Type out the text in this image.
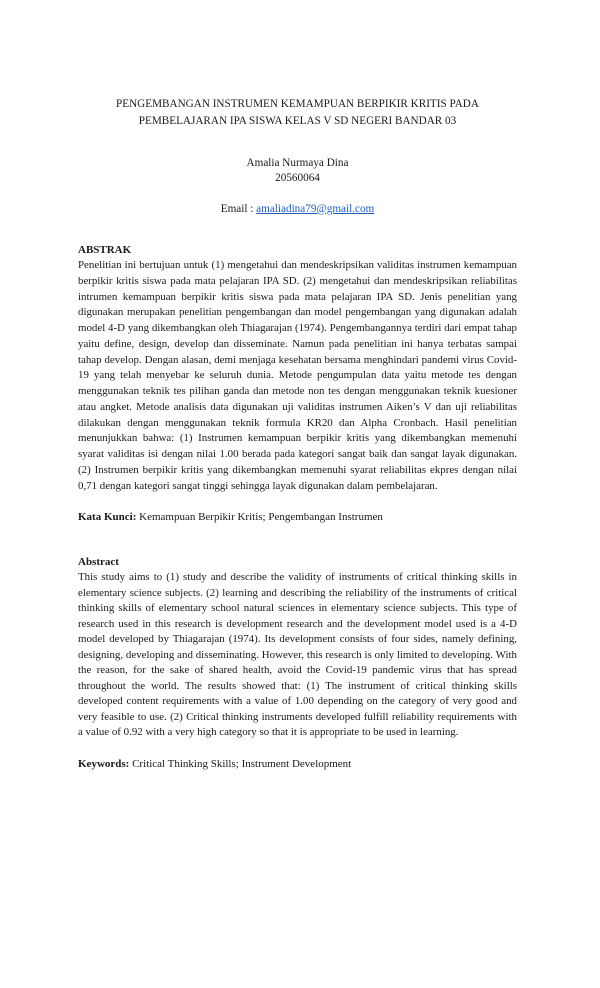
PENGEMBANGAN INSTRUMEN KEMAMPUAN BERPIKIR KRITIS PADA
PEMBELAJARAN IPA SISWA KELAS V SD NEGERI BANDAR 03
Amalia Nurmaya Dina
20560064
Email : amaliadina79@gmail.com
ABSTRAK

Penelitian ini bertujuan untuk (1) mengetahui dan mendeskripsikan validitas instrumen kemampuan berpikir kritis siswa pada mata pelajaran IPA SD. (2) mengetahui dan mendeskripsikan reliabilitas intrumen kemampuan berpikir kritis siswa pada mata pelajaran IPA SD. Jenis penelitian yang digunakan merupakan penelitian pengembangan dan model pengembangan yang digunakan adalah model 4-D yang dikembangkan oleh Thiagarajan (1974). Pengembangannya terdiri dari empat tahap yaitu define, design, develop dan disseminate. Namun pada penelitian ini hanya terbatas sampai tahap develop. Dengan alasan, demi menjaga kesehatan bersama menghindari pandemi virus Covid-19 yang telah menyebar ke seluruh dunia. Metode pengumpulan data yaitu metode tes dengan menggunakan teknik tes pilihan ganda dan metode non tes dengan menggunakan teknik kuesioner atau angket. Metode analisis data digunakan uji validitas instrumen Aiken’s V dan uji reliabilitas dilakukan dengan menggunakan teknik formula KR20 dan Alpha Cronbach. Hasil penelitian menunjukkan bahwa: (1) Instrumen kemampuan berpikir kritis yang dikembangkan memenuhi syarat validitas isi dengan nilai 1.00 berada pada kategori sangat baik dan sangat layak digunakan. (2) Instrumen berpikir kritis yang dikembangkan memenuhi syarat reliabilitas ekpres dengan nilai 0,71 dengan kategori sangat tinggi sehingga layak digunakan dalam pembelajaran.

Kata Kunci: Kemampuan Berpikir Kritis; Pengembangan Instrumen
Abstract

This study aims to (1) study and describe the validity of instruments of critical thinking skills in elementary science subjects. (2) learning and describing the reliability of the instruments of critical thinking skills of elementary school natural sciences in elementary science subjects. This type of research used in this research is development research and the development model used is a 4-D model developed by Thiagarajan (1974). Its development consists of four sides, namely defining, designing, developing and disseminating. However, this research is only limited to developing. With the reason, for the sake of shared health, avoid the Covid-19 pandemic virus that has spread throughout the world. The results showed that: (1) The instrument of critical thinking skills developed content requirements with a value of 1.00 depending on the category of very good and very feasible to use. (2) Critical thinking instruments developed fulfill reliability requirements with a value of 0.92 with a very high category so that it is appropriate to be used in learning.

Keywords: Critical Thinking Skills; Instrument Development
